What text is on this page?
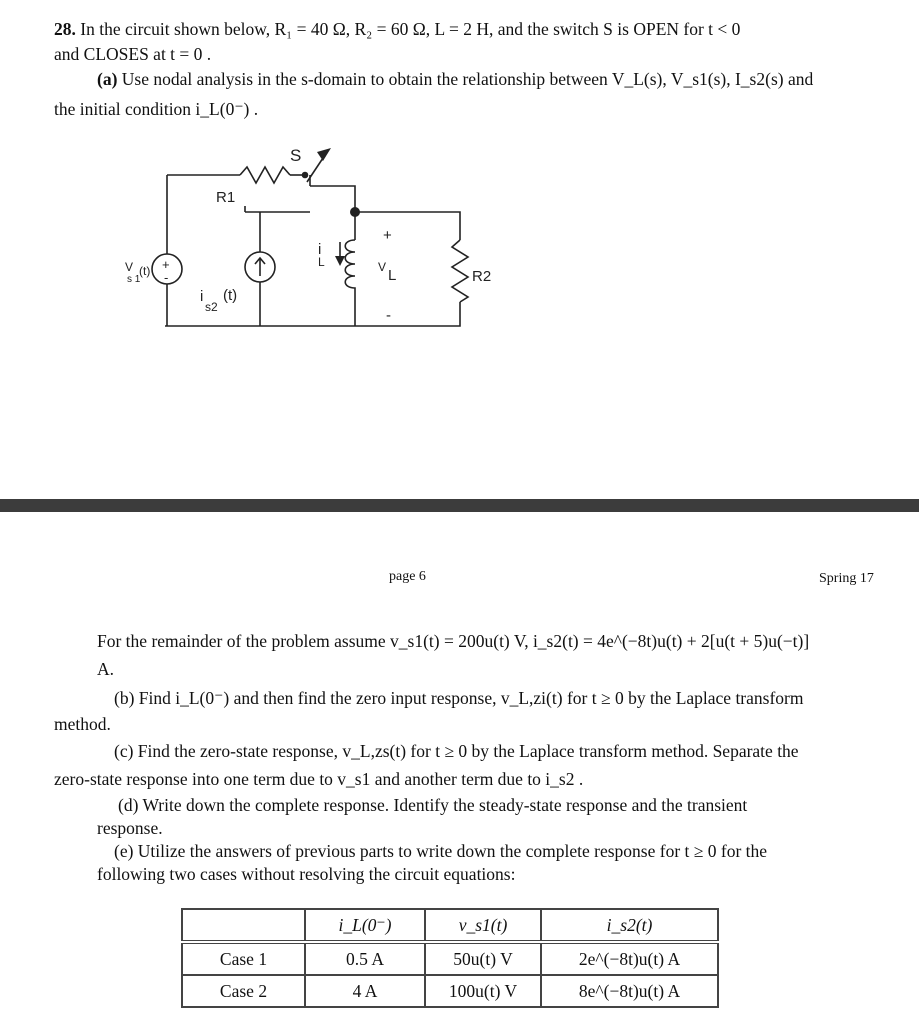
28. In the circuit shown below, R₁ = 40 Ω, R₂ = 60 Ω, L = 2 H, and the switch S is OPEN for t < 0
and CLOSES at t = 0 .
(a) Use nodal analysis in the s-domain to obtain the relationship between V_L(s), V_s1(s), I_s2(s) and
the initial condition i_L(0⁻) .
S
R1
R2
+
-
V
s 1
(t)
i
s2
(t)
i
L
+
V L
-
page 6	Spring 17
For the remainder of the problem assume v_s1(t) = 200u(t) V, i_s2(t) = 4e^(−8t)u(t) + 2[u(t + 5)u(−t)]
A.
(b) Find i_L(0⁻) and then find the zero input response, v_L,zi(t) for t ≥ 0 by the Laplace transform
method.
(c) Find the zero-state response, v_L,zs(t) for t ≥ 0 by the Laplace transform method. Separate the
zero-state response into one term due to v_s1 and another term due to i_s2 .
(d) Write down the complete response. Identify the steady-state response and the transient
response.
(e) Utilize the answers of previous parts to write down the complete response for t ≥ 0 for the
following two cases without resolving the circuit equations:
	i_L(0⁻)	v_s1(t)	i_s2(t)
Case 1	0.5 A	50u(t) V	2e^(−8t)u(t) A
Case 2	4 A	100u(t) V	8e^(−8t)u(t) A
